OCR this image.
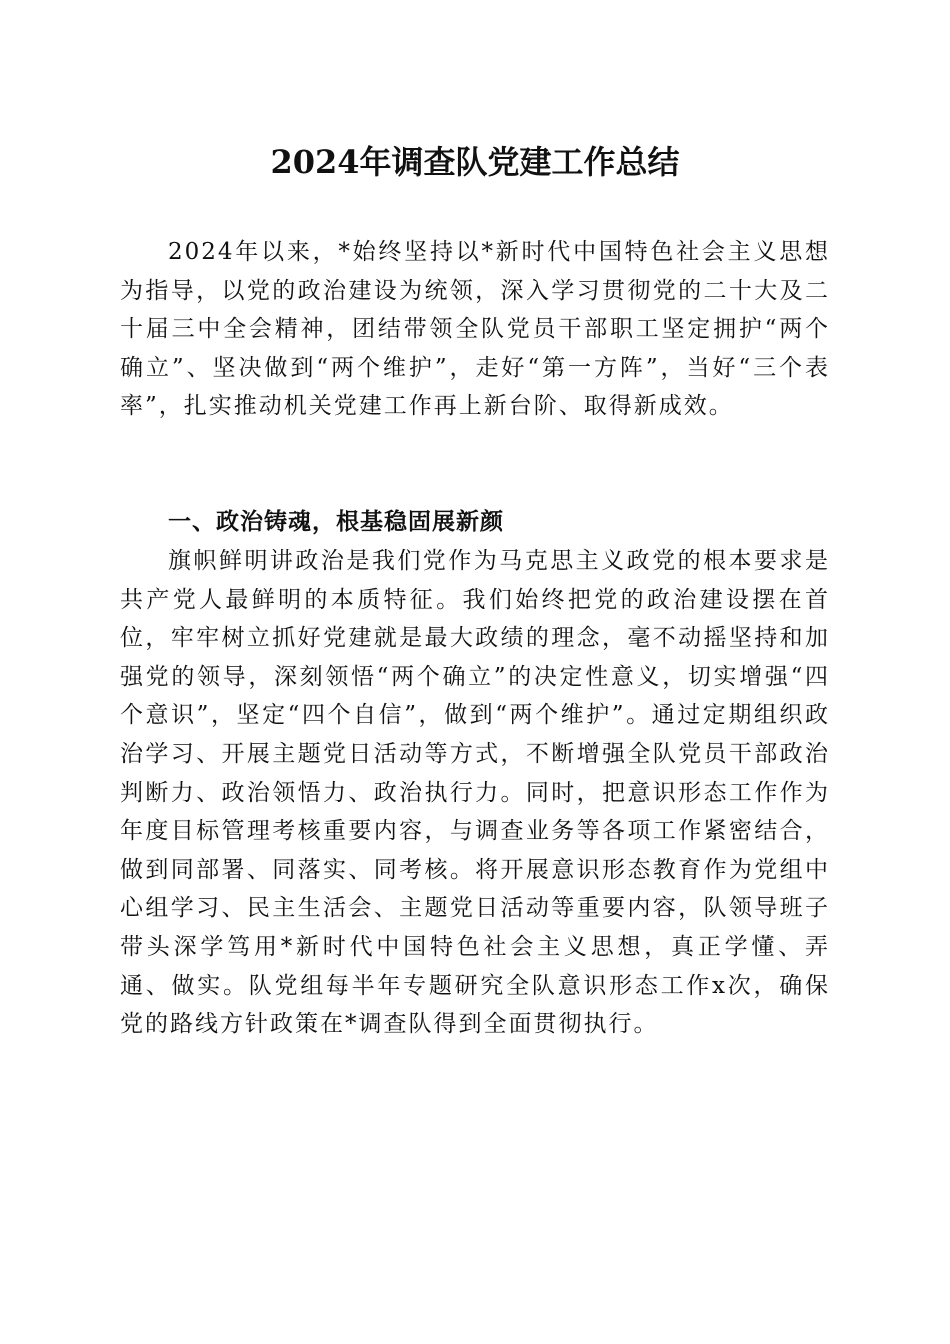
2024年调查队党建工作总结

2024年以来，*始终坚持以*新时代中国特色社会主义思想为指导，以党的政治建设为统领，深入学习贯彻党的二十大及二十届三中全会精神，团结带领全队党员干部职工坚定拥护“两个确立”、坚决做到“两个维护”，走好“第一方阵”，当好“三个表率”，扎实推动机关党建工作再上新台阶、取得新成效。

一、政治铸魂，根基稳固展新颜

旗帜鲜明讲政治是我们党作为马克思主义政党的根本要求是共产党人最鲜明的本质特征。我们始终把党的政治建设摆在首位，牢牢树立抓好党建就是最大政绩的理念，毫不动摇坚持和加强党的领导，深刻领悟“两个确立”的决定性意义，切实增强“四个意识”，坚定“四个自信”，做到“两个维护”。通过定期组织政治学习、开展主题党日活动等方式，不断增强全队党员干部政治判断力、政治领悟力、政治执行力。同时，把意识形态工作作为年度目标管理考核重要内容，与调查业务等各项工作紧密结合，做到同部署、同落实、同考核。将开展意识形态教育作为党组中心组学习、民主生活会、主题党日活动等重要内容，队领导班子带头深学笃用*新时代中国特色社会主义思想，真正学懂、弄通、做实。队党组每半年专题研究全队意识形态工作x次，确保党的路线方针政策在*调查队得到全面贯彻执行。
